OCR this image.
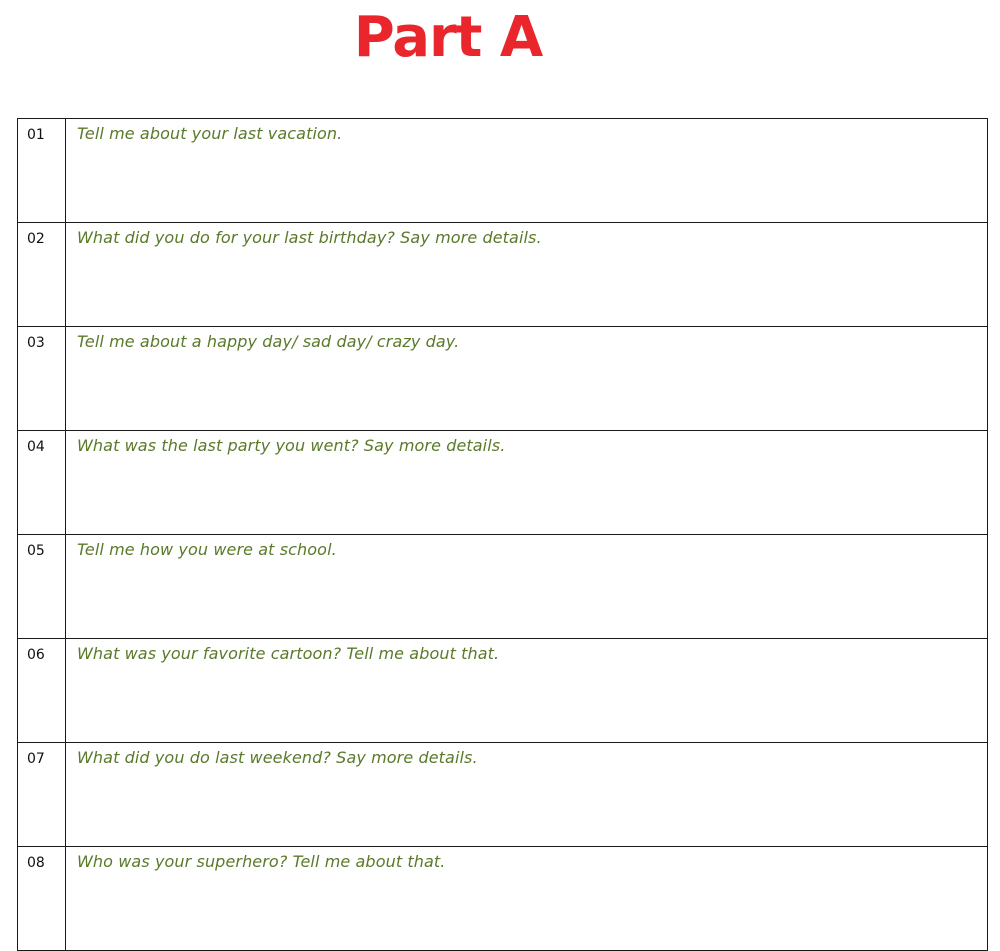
Part A
01	Tell me about your last vacation.
02	What did you do for your last birthday? Say more details.
03	Tell me about a happy day/ sad day/ crazy day.
04	What was the last party you went? Say more details.
05	Tell me how you were at school.
06	What was your favorite cartoon? Tell me about that.
07	What did you do last weekend? Say more details.
08	Who was your superhero? Tell me about that.
